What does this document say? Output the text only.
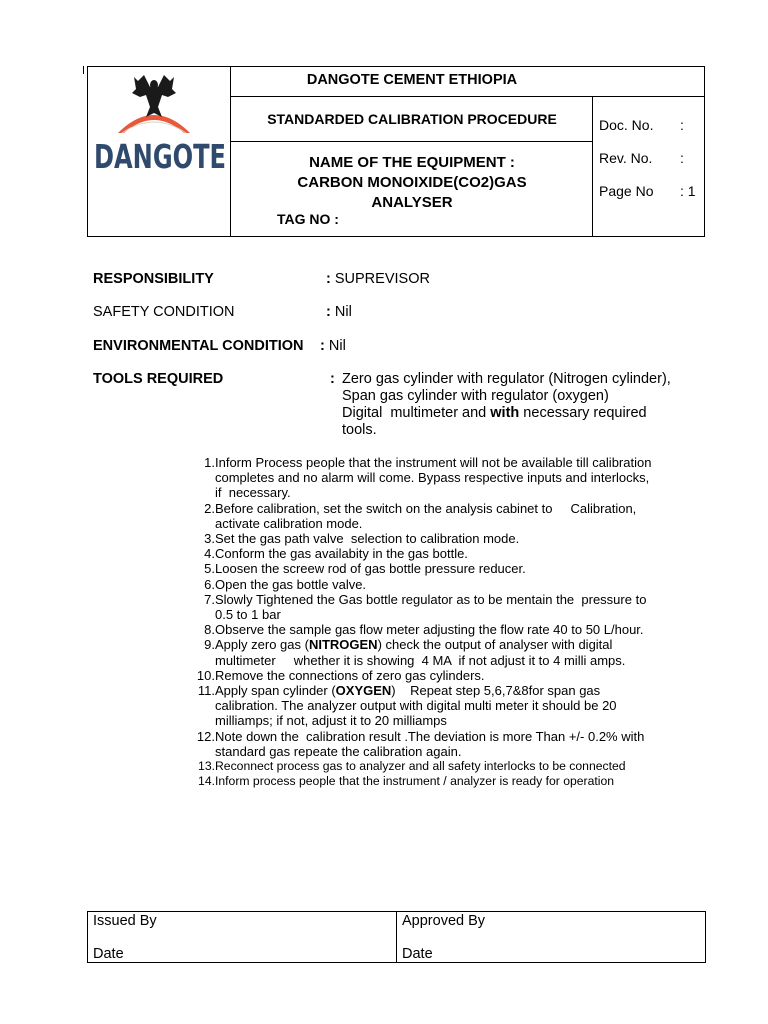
DANGOTE
DANGOTE CEMENT ETHIOPIA
STANDARDED CALIBRATION PROCEDURE
NAME OF THE EQUIPMENT :
CARBON MONOIXIDE(CO2)GAS
ANALYSER
TAG NO :
Doc. No. :
Rev. No. :
Page No : 1
RESPONSIBILITY	: SUPREVISOR
SAFETY CONDITION	: Nil
ENVIRONMENTAL CONDITION : Nil
TOOLS REQUIRED	: Zero gas cylinder with regulator (Nitrogen cylinder),
Span gas cylinder with regulator (oxygen)
Digital  multimeter and with necessary required
tools.
1. Inform Process people that the instrument will not be available till calibration
completes and no alarm will come. Bypass respective inputs and interlocks,
if  necessary.
2. Before calibration, set the switch on the analysis cabinet to     Calibration,
activate calibration mode.
3. Set the gas path valve  selection to calibration mode.
4. Conform the gas availabity in the gas bottle.
5. Loosen the screew rod of gas bottle pressure reducer.
6. Open the gas bottle valve.
7. Slowly Tightened the Gas bottle regulator as to be mentain the  pressure to
0.5 to 1 bar
8. Observe the sample gas flow meter adjusting the flow rate 40 to 50 L/hour.
9. Apply zero gas (NITROGEN) check the output of analyser with digital
multimeter     whether it is showing  4 MA  if not adjust it to 4 milli amps.
10. Remove the connections of zero gas cylinders.
11. Apply span cylinder (OXYGEN)    Repeat step 5,6,7&8for span gas
calibration. The analyzer output with digital multi meter it should be 20
milliamps; if not, adjust it to 20 milliamps
12. Note down the  calibration result .The deviation is more Than +/- 0.2% with
standard gas repeate the calibration again.
13. Reconnect process gas to analyzer and all safety interlocks to be connected
14. Inform process people that the instrument / analyzer is ready for operation
Issued By	Approved By
Date	Date
